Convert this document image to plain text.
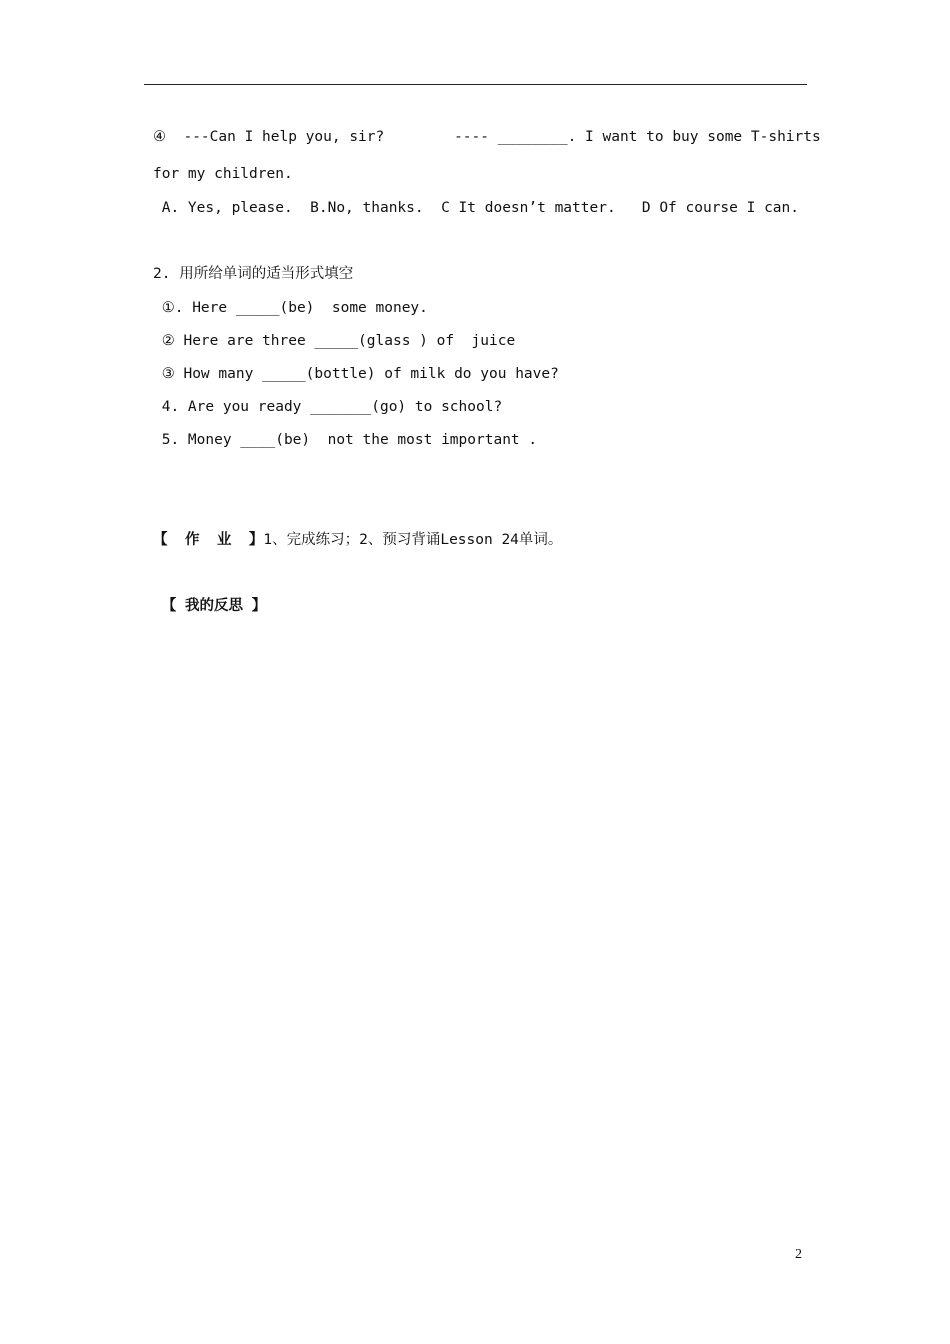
④  ---Can I help you, sir?        ---- ________. I want to buy some T-shirts
for my children.
A. Yes, please.  B.No, thanks.  C It doesn’t matter.   D Of course I can.
2. 用所给单词的适当形式填空
①. Here _____(be)  some money.
② Here are three _____(glass ) of  juice
③ How many _____(bottle) of milk do you have?
4. Are you ready _______(go) to school?
5. Money ____(be)  not the most important .
【  作  业  】1、完成练习；2、预习背诵Lesson 24单词。
【 我的反思 】
2
